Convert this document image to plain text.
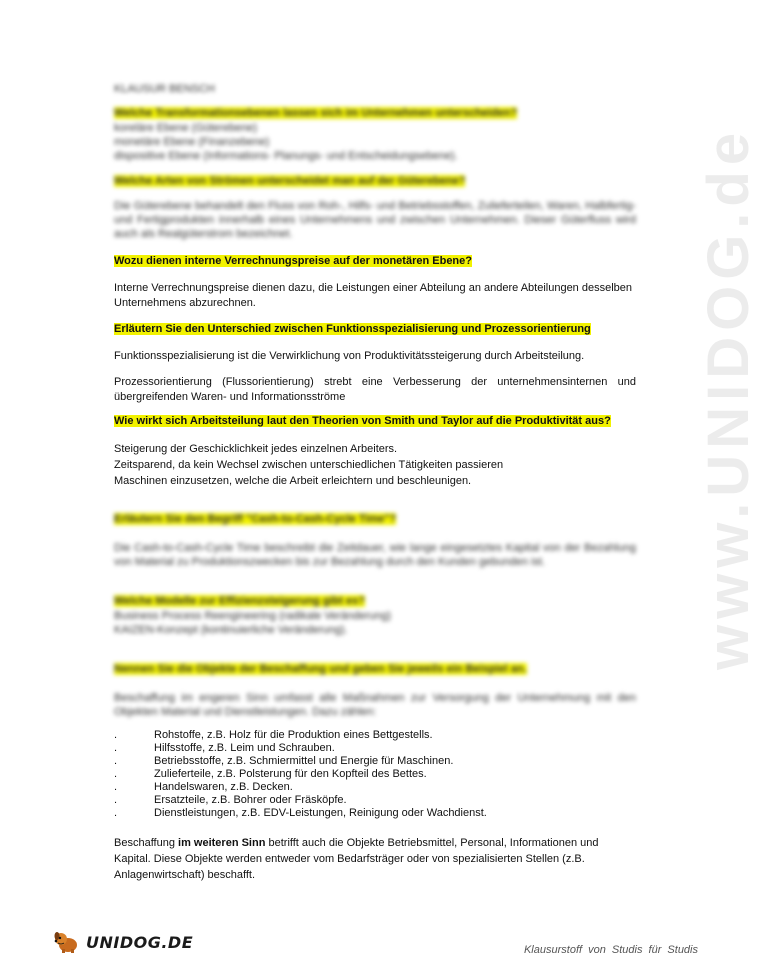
www.UNIDOG.de
KLAUSUR BENSCH
Welche Transformationsebenen lassen sich im Unternehmen unterscheiden?
koreläre Ebene (Güterebene)
monetäre Ebene (Finanzebene)
dispositive Ebene (Informations- Planungs- und Entscheidungsebene).
Welche Arten von Strömen unterscheidet man auf der Güterebene?
Die Güterebene behandelt den Fluss von Roh-, Hilfs- und Betriebsstoffen, Zulieferteilen, Waren, Halbfertig- und Fertigprodukten innerhalb eines Unternehmens und zwischen Unternehmen. Dieser Güterfluss wird auch als Realgüterstrom bezeichnet.
Wozu dienen interne Verrechnungspreise auf der monetären Ebene?
Interne Verrechnungspreise dienen dazu, die Leistungen einer Abteilung an andere Abteilungen desselben Unternehmens abzurechnen.
Erläutern Sie den Unterschied zwischen Funktionsspezialisierung und Prozessorientierung
Funktionsspezialisierung ist die Verwirklichung von Produktivitätssteigerung durch Arbeitsteilung.
Prozessorientierung (Flussorientierung) strebt eine Verbesserung der unternehmensinternen und übergreifenden Waren- und Informationsströme
Wie wirkt sich Arbeitsteilung laut den Theorien von Smith und Taylor auf die Produktivität aus?
Steigerung der Geschicklichkeit jedes einzelnen Arbeiters.
Zeitsparend, da kein Wechsel zwischen unterschiedlichen Tätigkeiten passieren
Maschinen einzusetzen, welche die Arbeit erleichtern und beschleunigen.
Erläutern Sie den Begriff "Cash-to-Cash-Cycle Time"?
Die Cash-to-Cash-Cycle Time beschreibt die Zeitdauer, wie lange eingesetztes Kapital von der Bezahlung von Material zu Produktionszwecken bis zur Bezahlung durch den Kunden gebunden ist.
Welche Modelle zur Effizienzsteigerung gibt es?
Business Process Reengineering (radikale Veränderung)
KAIZEN-Konzept (kontinuierliche Veränderung).
Nennen Sie die Objekte der Beschaffung und geben Sie jeweils ein Beispiel an.
Beschaffung im engeren Sinn umfasst alle Maßnahmen zur Versorgung der Unternehmung mit den Objekten Material und Dienstleistungen. Dazu zählen:
.	Rohstoffe, z.B. Holz für die Produktion eines Bettgestells.
.	Hilfsstoffe, z.B. Leim und Schrauben.
.	Betriebsstoffe, z.B. Schmiermittel und Energie für Maschinen.
.	Zulieferteile, z.B. Polsterung für den Kopfteil des Bettes.
.	Handelswaren, z.B. Decken.
.	Ersatzteile, z.B. Bohrer oder Fräsköpfe.
.	Dienstleistungen, z.B. EDV-Leistungen, Reinigung oder Wachdienst.
Beschaffung im weiteren Sinn betrifft auch die Objekte Betriebsmittel, Personal, Informationen und Kapital. Diese Objekte werden entweder vom Bedarfsträger oder von spezialisierten Stellen (z.B. Anlagenwirtschaft) beschafft.
UNIDOG.DE	Klausurstoff von Studis für Studis
